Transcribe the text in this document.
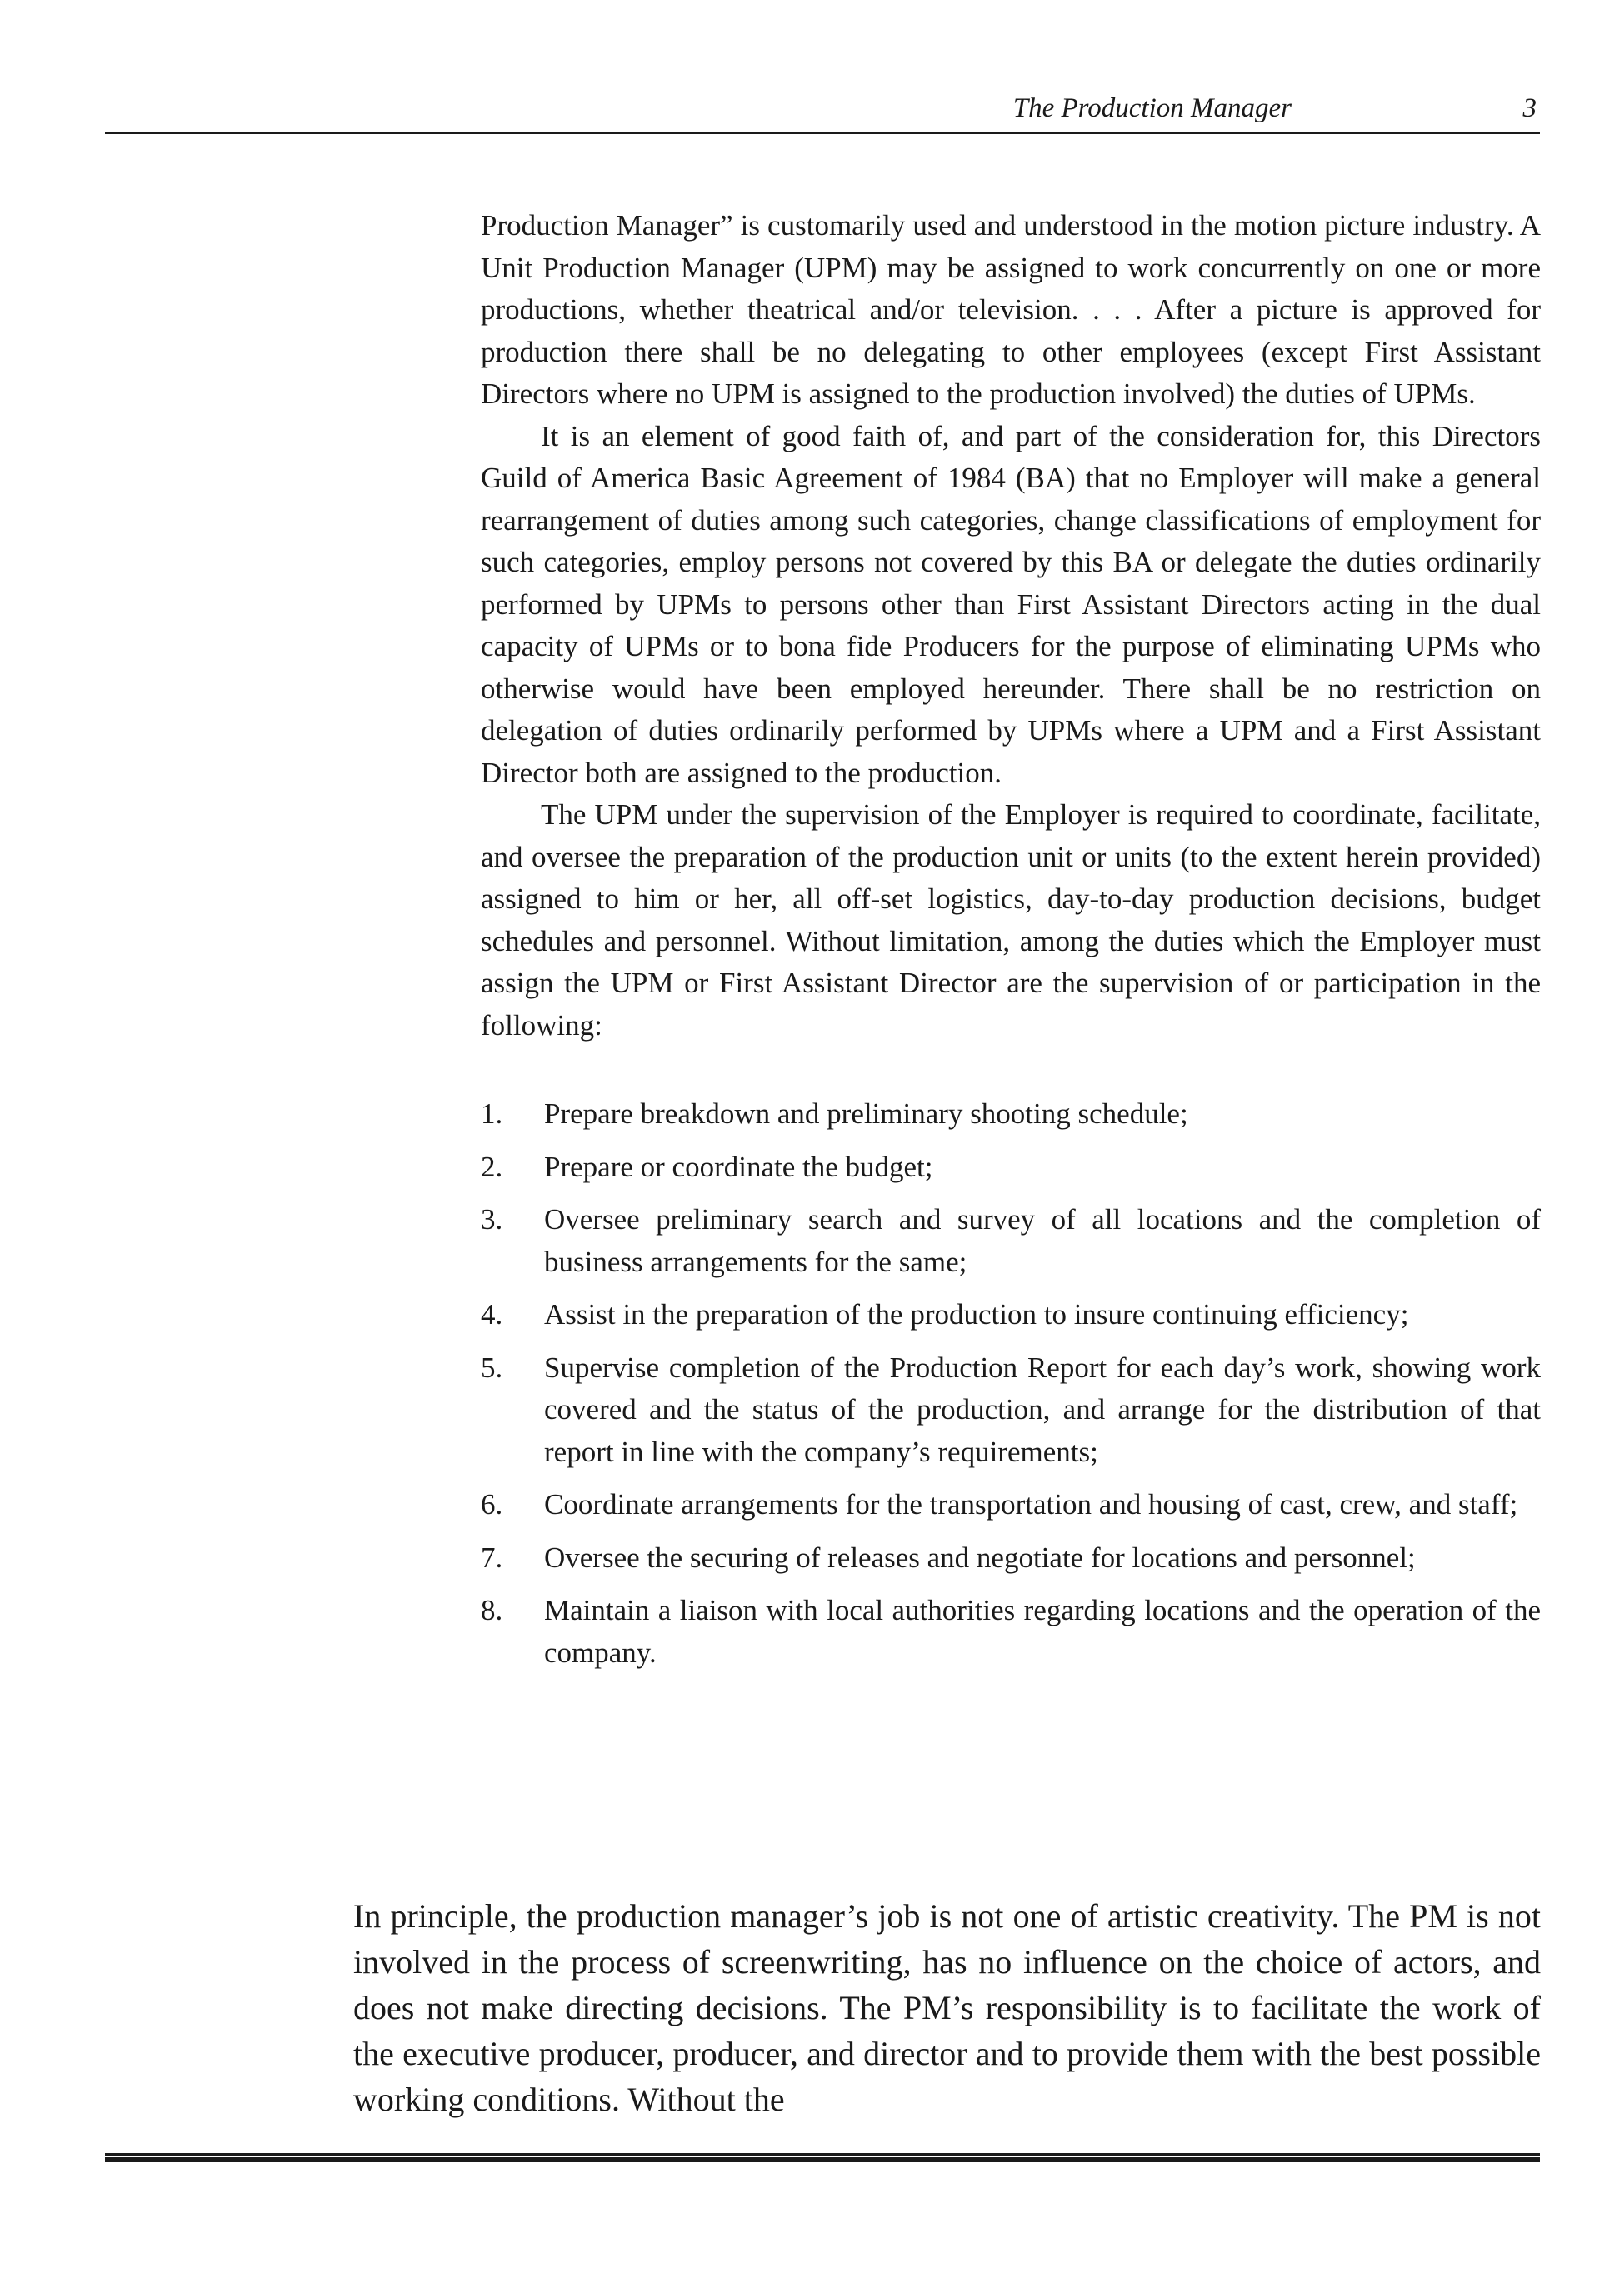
The Production Manager	3

Production Manager” is customarily used and understood in the motion picture industry. A Unit Production Manager (UPM) may be assigned to work concurrently on one or more productions, whether theatrical and/or television. . . . After a picture is approved for production there shall be no delegating to other employees (except First Assistant Directors where no UPM is assigned to the production involved) the duties of UPMs.

It is an element of good faith of, and part of the consideration for, this Directors Guild of America Basic Agreement of 1984 (BA) that no Employer will make a general rearrangement of duties among such categories, change classifications of employment for such categories, employ persons not covered by this BA or delegate the duties ordinarily performed by UPMs to persons other than First Assistant Directors acting in the dual capacity of UPMs or to bona fide Producers for the purpose of eliminating UPMs who otherwise would have been employed hereunder. There shall be no restriction on delegation of duties ordinarily performed by UPMs where a UPM and a First Assistant Director both are assigned to the production.

The UPM under the supervision of the Employer is required to coordinate, facilitate, and oversee the preparation of the production unit or units (to the extent herein provided) assigned to him or her, all off-set logistics, day-to-day production decisions, budget schedules and personnel. Without limitation, among the duties which the Employer must assign the UPM or First Assistant Director are the supervision of or participation in the following:

1. Prepare breakdown and preliminary shooting schedule;
2. Prepare or coordinate the budget;
3. Oversee preliminary search and survey of all locations and the completion of business arrangements for the same;
4. Assist in the preparation of the production to insure continuing efficiency;
5. Supervise completion of the Production Report for each day’s work, showing work covered and the status of the production, and arrange for the distribution of that report in line with the company’s requirements;
6. Coordinate arrangements for the transportation and housing of cast, crew, and staff;
7. Oversee the securing of releases and negotiate for locations and personnel;
8. Maintain a liaison with local authorities regarding locations and the operation of the company.

In principle, the production manager’s job is not one of artistic creativity. The PM is not involved in the process of screenwriting, has no influence on the choice of actors, and does not make directing decisions. The PM’s responsibility is to facilitate the work of the executive producer, producer, and director and to provide them with the best possible working conditions. Without the
